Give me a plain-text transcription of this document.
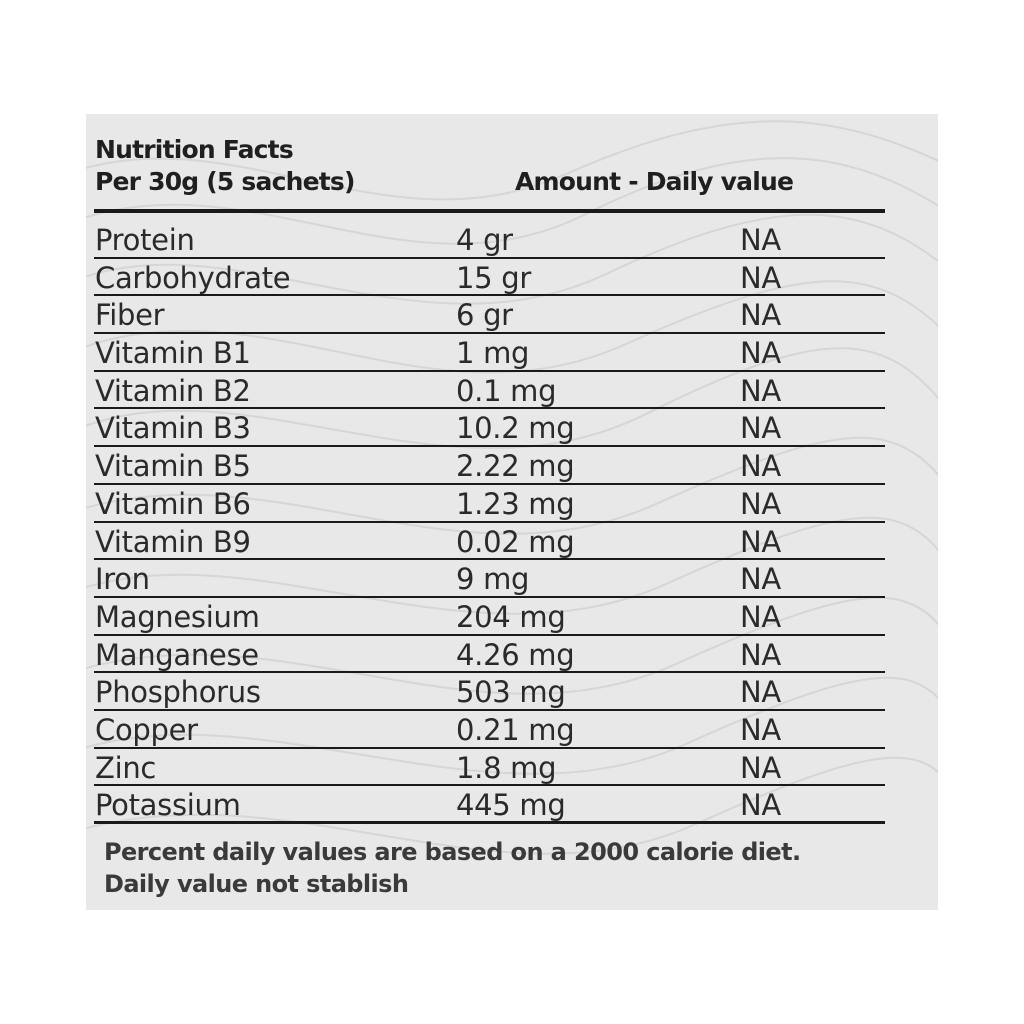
Nutrition Facts
Per 30g (5 sachets)	Amount - Daily value
Protein	4 gr	NA
Carbohydrate	15 gr	NA
Fiber	6 gr	NA
Vitamin B1	1 mg	NA
Vitamin B2	0.1 mg	NA
Vitamin B3	10.2 mg	NA
Vitamin B5	2.22 mg	NA
Vitamin B6	1.23 mg	NA
Vitamin B9	0.02 mg	NA
Iron	9 mg	NA
Magnesium	204 mg	NA
Manganese	4.26 mg	NA
Phosphorus	503 mg	NA
Copper	0.21 mg	NA
Zinc	1.8 mg	NA
Potassium	445 mg	NA
Percent daily values are based on a 2000 calorie diet.
Daily value not stablish
